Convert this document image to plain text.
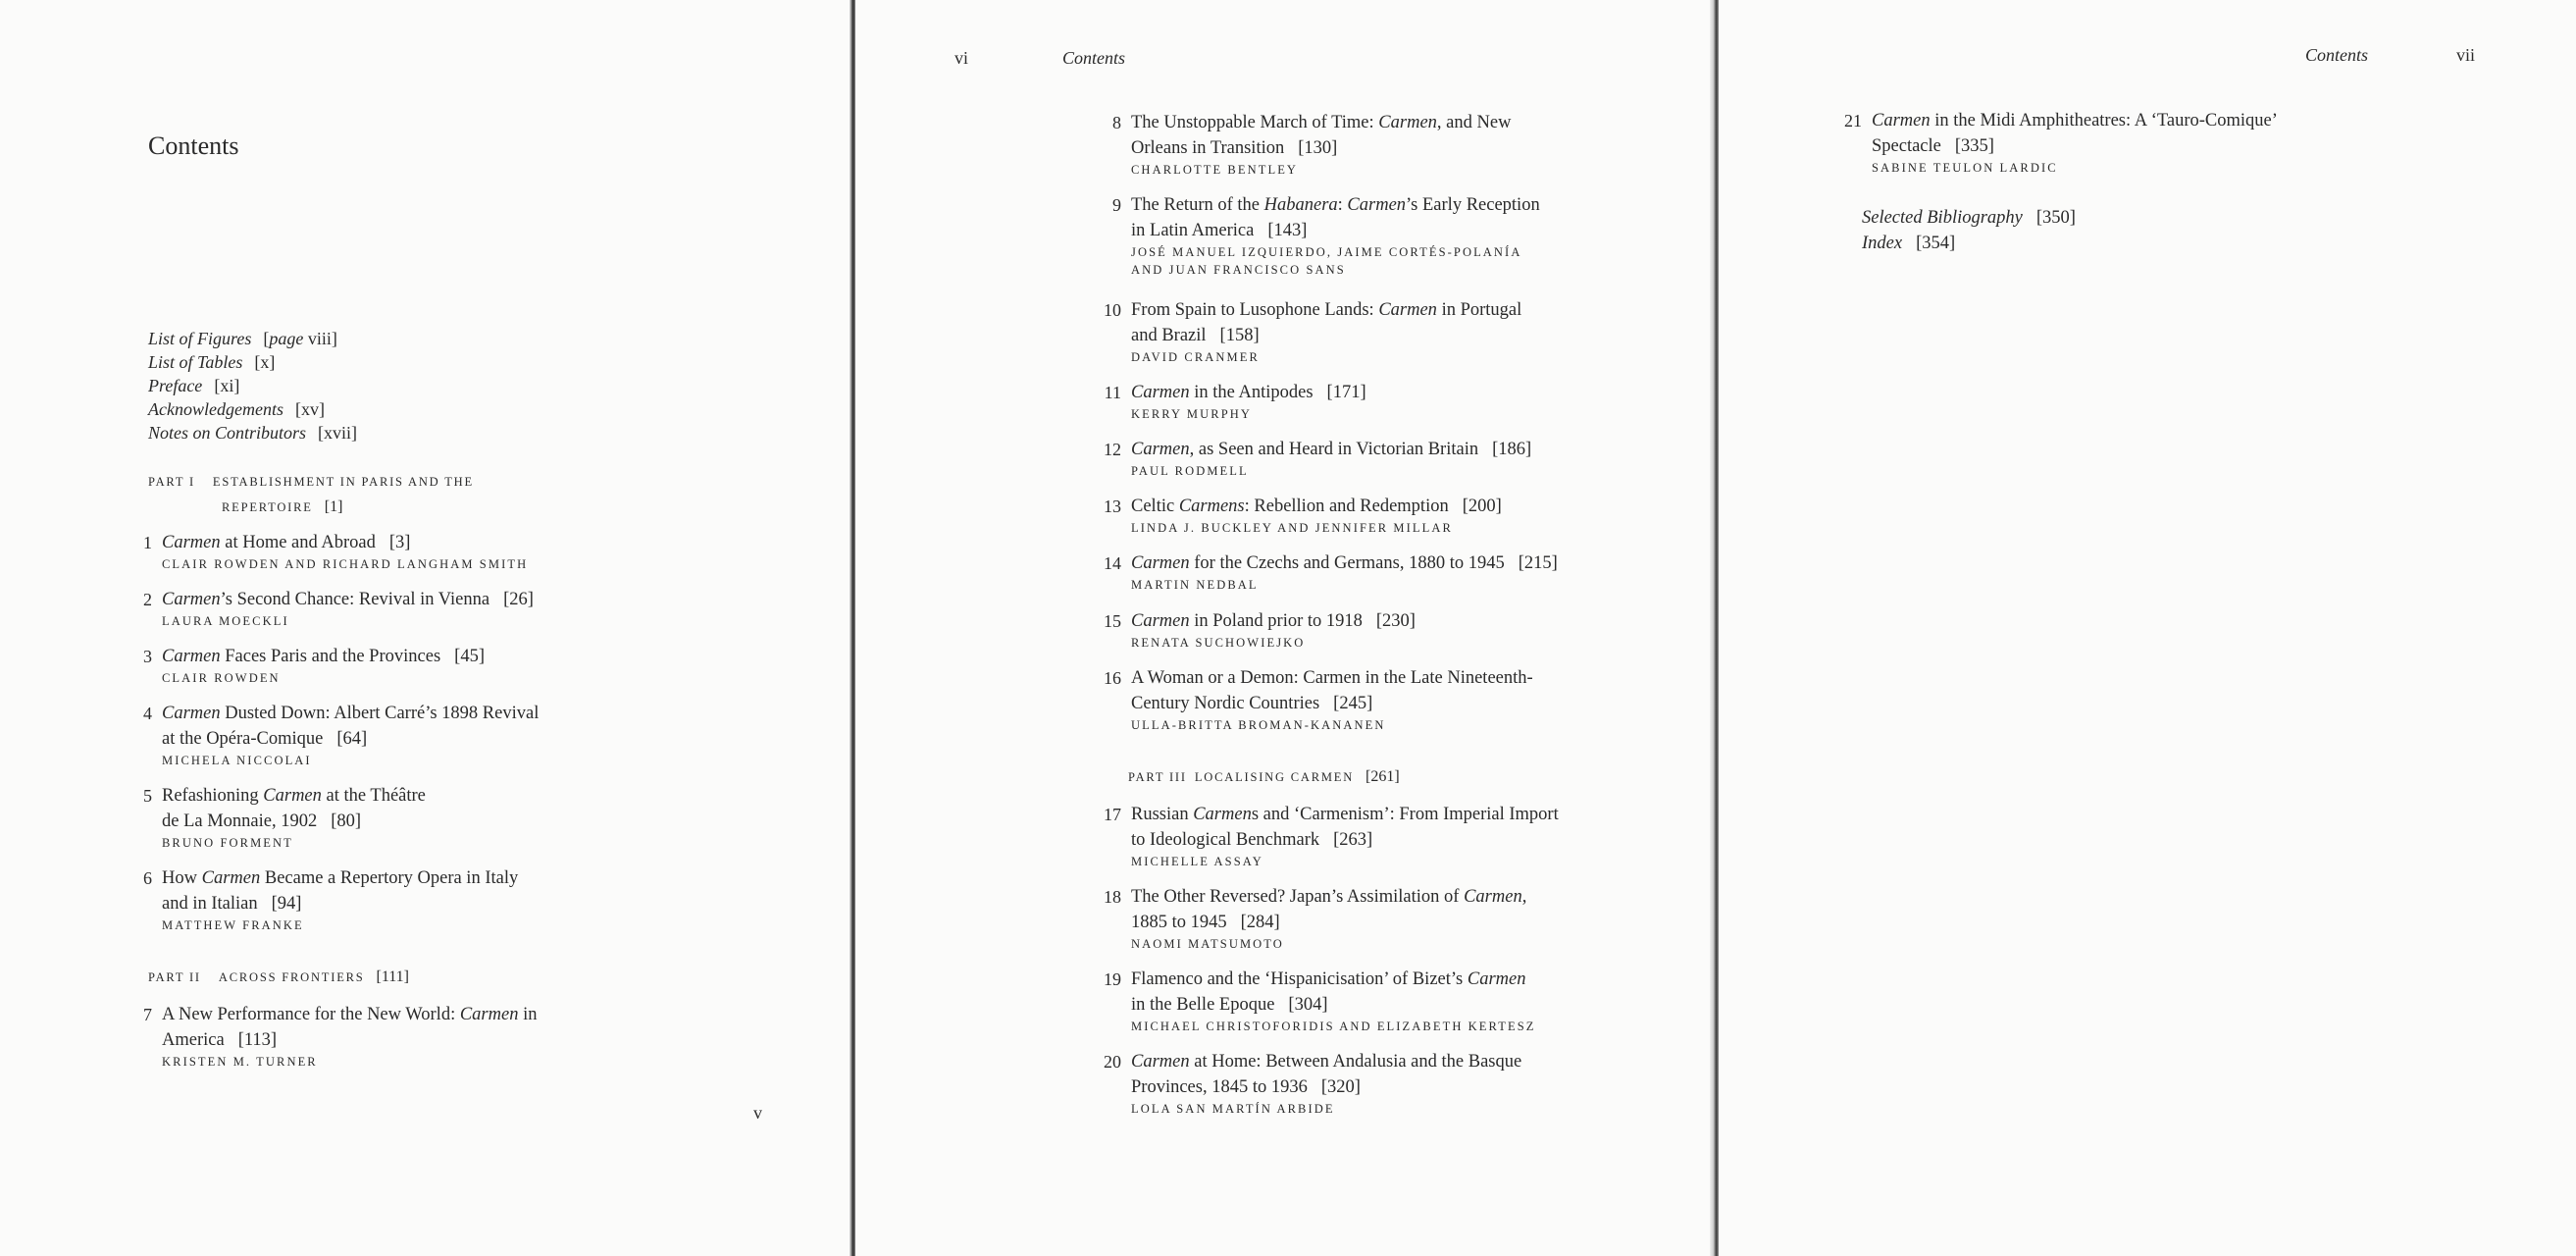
Contents
List of Figures [page viii]
List of Tables [x]
Preface [xi]
Acknowledgements [xv]
Notes on Contributors [xvii]
PART I ESTABLISHMENT IN PARIS AND THE
REPERTOIRE [1]
1 Carmen at Home and Abroad [3]
CLAIR ROWDEN AND RICHARD LANGHAM SMITH
2 Carmen’s Second Chance: Revival in Vienna [26]
LAURA MOECKLI
3 Carmen Faces Paris and the Provinces [45]
CLAIR ROWDEN
4 Carmen Dusted Down: Albert Carré’s 1898 Revival
at the Opéra-Comique [64]
MICHELA NICCOLAI
5 Refashioning Carmen at the Théâtre
de La Monnaie, 1902 [80]
BRUNO FORMENT
6 How Carmen Became a Repertory Opera in Italy
and in Italian [94]
MATTHEW FRANKE
PART II ACROSS FRONTIERS [111]
7 A New Performance for the New World: Carmen in
America [113]
KRISTEN M. TURNER
v
vi	Contents
8 The Unstoppable March of Time: Carmen, and New
Orleans in Transition [130]
CHARLOTTE BENTLEY
9 The Return of the Habanera: Carmen’s Early Reception
in Latin America [143]
JOSÉ MANUEL IZQUIERDO, JAIME CORTÉS-POLANÍA
AND JUAN FRANCISCO SANS
10 From Spain to Lusophone Lands: Carmen in Portugal
and Brazil [158]
DAVID CRANMER
11 Carmen in the Antipodes [171]
KERRY MURPHY
12 Carmen, as Seen and Heard in Victorian Britain [186]
PAUL RODMELL
13 Celtic Carmens: Rebellion and Redemption [200]
LINDA J. BUCKLEY AND JENNIFER MILLAR
14 Carmen for the Czechs and Germans, 1880 to 1945 [215]
MARTIN NEDBAL
15 Carmen in Poland prior to 1918 [230]
RENATA SUCHOWIEJKO
16 A Woman or a Demon: Carmen in the Late Nineteenth-
Century Nordic Countries [245]
ULLA-BRITTA BROMAN-KANANEN
PART III LOCALISING CARMEN [261]
17 Russian Carmens and ‘Carmenism’: From Imperial Import
to Ideological Benchmark [263]
MICHELLE ASSAY
18 The Other Reversed? Japan’s Assimilation of Carmen,
1885 to 1945 [284]
NAOMI MATSUMOTO
19 Flamenco and the ‘Hispanicisation’ of Bizet’s Carmen
in the Belle Epoque [304]
MICHAEL CHRISTOFORIDIS AND ELIZABETH KERTESZ
20 Carmen at Home: Between Andalusia and the Basque
Provinces, 1845 to 1936 [320]
LOLA SAN MARTÍN ARBIDE
Contents	vii
21 Carmen in the Midi Amphitheatres: A ‘Tauro-Comique’
Spectacle [335]
SABINE TEULON LARDIC
Selected Bibliography [350]
Index [354]
